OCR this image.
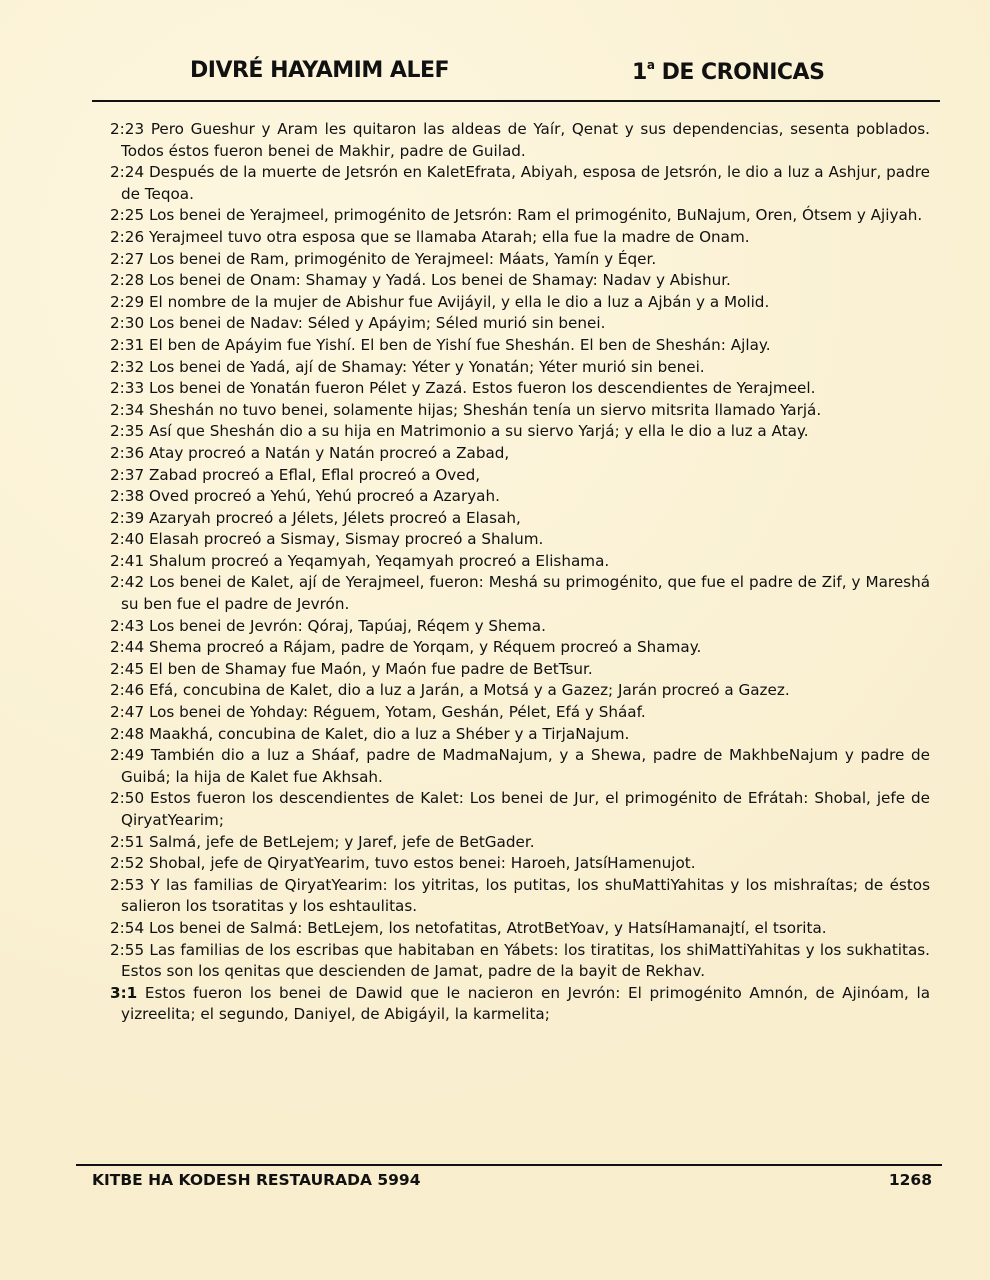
DIVRÉ HAYAMIM ALEF	1$^a$ DE CRONICAS

2:23 Pero Gueshur y Aram les quitaron las aldeas de Yaír, Qenat y sus dependencias, sesenta poblados. Todos éstos fueron benei de Makhir, padre de Guilad.

2:24 Después de la muerte de Jetsrón en KaletEfrata, Abiyah, esposa de Jetsrón, le dio a luz a Ashjur, padre de Teqoa.

2:25 Los benei de Yerajmeel, primogénito de Jetsrón: Ram el primogénito, BuNajum, Oren, Ótsem y Ajiyah.

2:26 Yerajmeel tuvo otra esposa que se llamaba Atarah; ella fue la madre de Onam.

2:27 Los benei de Ram, primogénito de Yerajmeel: Máats, Yamín y Éqer.

2:28 Los benei de Onam: Shamay y Yadá. Los benei de Shamay: Nadav y Abishur.

2:29 El nombre de la mujer de Abishur fue Avijáyil, y ella le dio a luz a Ajbán y a Molid.

2:30 Los benei de Nadav: Séled y Apáyim; Séled murió sin benei.

2:31 El ben de Apáyim fue Yishí. El ben de Yishí fue Sheshán. El ben de Sheshán: Ajlay.

2:32 Los benei de Yadá, ají de Shamay: Yéter y Yonatán; Yéter murió sin benei.

2:33 Los benei de Yonatán fueron Pélet y Zazá. Estos fueron los descendientes de Yerajmeel.

2:34 Sheshán no tuvo benei, solamente hijas; Sheshán tenía un siervo mitsrita llamado Yarjá.

2:35 Así que Sheshán dio a su hija en Matrimonio a su siervo Yarjá; y ella le dio a luz a Atay.

2:36 Atay procreó a Natán y Natán procreó a Zabad,

2:37 Zabad procreó a Eflal, Eflal procreó a Oved,

2:38 Oved procreó a Yehú, Yehú procreó a Azaryah.

2:39 Azaryah procreó a Jélets, Jélets procreó a Elasah,

2:40 Elasah procreó a Sismay, Sismay procreó a Shalum.

2:41 Shalum procreó a Yeqamyah, Yeqamyah procreó a Elishama.

2:42 Los benei de Kalet, ají de Yerajmeel, fueron: Meshá su primogénito, que fue el padre de Zif, y Mareshá su ben fue el padre de Jevrón.

2:43 Los benei de Jevrón: Qóraj, Tapúaj, Réqem y Shema.

2:44 Shema procreó a Rájam, padre de Yorqam, y Réquem procreó a Shamay.

2:45 El ben de Shamay fue Maón, y Maón fue padre de BetTsur.

2:46 Efá, concubina de Kalet, dio a luz a Jarán, a Motsá y a Gazez; Jarán procreó a Gazez.

2:47 Los benei de Yohday: Réguem, Yotam, Geshán, Pélet, Efá y Sháaf.

2:48 Maakhá, concubina de Kalet, dio a luz a Shéber y a TirjaNajum.

2:49 También dio a luz a Sháaf, padre de MadmaNajum, y a Shewa, padre de MakhbeNajum y padre de Guibá; la hija de Kalet fue Akhsah.

2:50 Estos fueron los descendientes de Kalet: Los benei de Jur, el primogénito de Efrátah: Shobal, jefe de QiryatYearim;

2:51 Salmá, jefe de BetLejem; y Jaref, jefe de BetGader.

2:52 Shobal, jefe de QiryatYearim, tuvo estos benei: Haroeh, JatsíHamenujot.

2:53 Y las familias de QiryatYearim: los yitritas, los putitas, los shuMattiYahitas y los mishraítas; de éstos salieron los tsoratitas y los eshtaulitas.

2:54 Los benei de Salmá: BetLejem, los netofatitas, AtrotBetYoav, y HatsíHamanajtí, el tsorita.

2:55 Las familias de los escribas que habitaban en Yábets: los tiratitas, los shiMattiYahitas y los sukhatitas. Estos son los qenitas que descienden de Jamat, padre de la bayit de Rekhav.

3:1 Estos fueron los benei de Dawid que le nacieron en Jevrón: El primogénito Amnón, de Ajinóam, la yizreelita; el segundo, Daniyel, de Abigáyil, la karmelita;

KITBE HA KODESH RESTAURADA 5994	1268
